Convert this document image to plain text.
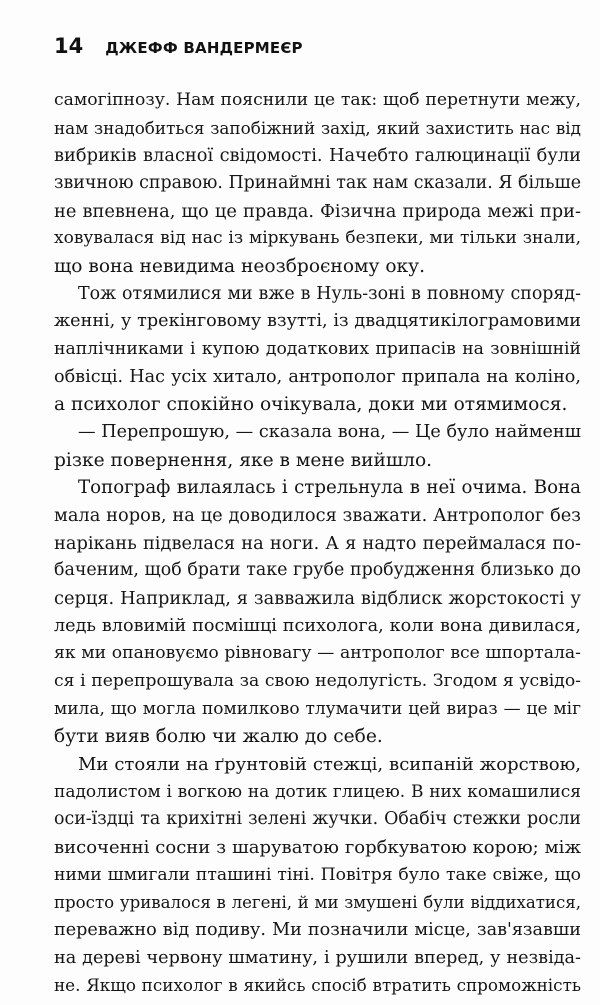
14 ДЖЕФФ ВАНДЕРМЕЄР
самогіпнозу. Нам пояснили це так: щоб перетнути межу,
нам знадобиться запобіжний захід, який захистить нас від
вибриків власної свідомості. Начебто галюцинації були
звичною справою. Принаймні так нам сказали. Я більше
не впевнена, що це правда. Фізична природа межі при-
ховувалася від нас із міркувань безпеки, ми тільки знали,
що вона невидима неозброєному оку.
Тож отямилися ми вже в Нуль-зоні в повному споряд-
женні, у трекінговому взутті, із двадцятикілограмовими
наплічниками і купою додаткових припасів на зовнішній
обвісці. Нас усіх хитало, антрополог припала на коліно,
а психолог спокійно очікувала, доки ми отямимося.
— Перепрошую, — сказала вона, — Це було найменш
різке повернення, яке в мене вийшло.
Топограф вилаялась і стрельнула в неї очима. Вона
мала норов, на це доводилося зважати. Антрополог без
нарікань підвелася на ноги. А я надто переймалася по-
баченим, щоб брати таке грубе пробудження близько до
серця. Наприклад, я завважила відблиск жорстокості у
ледь вловимій посмішці психолога, коли вона дивилася,
як ми опановуємо рівновагу — антрополог все шпорталa-
ся і перепрошувала за свою недолугість. Згодом я усвідо-
мила, що могла помилково тлумачити цей вираз — це міг
бути вияв болю чи жалю до себе.
Ми стояли на ґрунтовій стежці, всипаній жорствою,
падолистом і вогкою на дотик глицею. В них комашилися
оси-їздці та крихітні зелені жучки. Обабіч стежки росли
височенні сосни з шаруватою горбкуватою корою; між
ними шмигали пташині тіні. Повітря було таке свіже, що
просто уривалося в легені, й ми змушені були віддихатися,
переважно від подиву. Ми позначили місце, зав'язавши
на дереві червону шматину, і рушили вперед, у незвіда-
не. Якщо психолог в якийсь спосіб втратить спроможність
